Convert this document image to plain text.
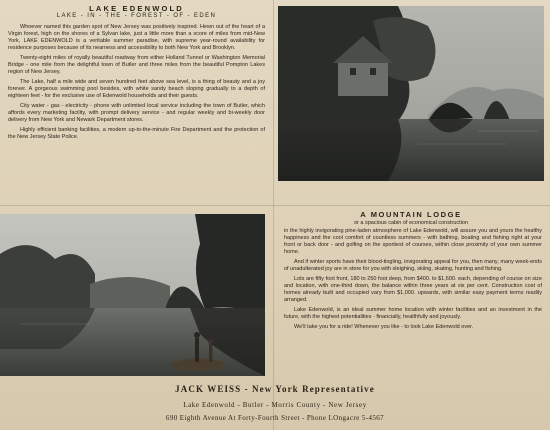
LAKE EDENWOLD
LAKE - IN - THE - FOREST - OF - EDEN

Whoever named this garden spot of New Jersey was positively inspired. Hewn out of the heart of a Virgin forest, high on the shores of a Sylvan lake, just a little more than a score of miles from mid-New York, LAKE EDENWOLD is a veritable summer paradise, with supreme year-round availability for residence purposes because of its nearness and accessibility to both New York and Brooklyn.

Twenty-eight miles of royally beautiful roadway from either Holland Tunnel or Washington Memorial Bridge - one mile from the delightful town of Butler and three miles from the beautiful Pompton Lakes region of New Jersey.

The Lake, half a mile wide and seven hundred feet above sea level, is a thing of beauty and a joy forever. A gorgeous swimming pool besides, with white sandy beach sloping gradually to a depth of eighteen feet - for the exclusive use of Edenwold households and their guests.

City water - gas - electricity - phone with unlimited local service including the town of Butler, which affords every marketing facility, with prompt delivery service - and regular weekly and bi-weekly door delivery from New York and Newark Department stores.

Highly efficient banking facilities, a modern up-to-the-minute Fire Department and the protection of the New Jersey State Police.

A MOUNTAIN LODGE
or a spacious cabin of economical construction

in the highly invigorating pine-laden atmosphere of Lake Edenwold, will assure you and yours the healthy happiness and the cool comfort of countless summers - with bathing, boating and fishing right at your front or back door - and golfing on the sportiest of courses, within close proximity of your own summer home.

And if winter sports have their blood-tingling, invigorating appeal for you, then many, many week-ends of unadulterated joy are in store for you with sleighing, skiing, skating, hunting and fishing.

Lots are fifty foot front, 180 to 250 foot deep, from $400. to $1,600. each, depending of course on size and location, with one-third down, the balance within three years at six per cent. Construction cost of homes already built and occupied vary from $1,000. upwards, with similar easy payment terms readily arranged.

Lake Edenwold, is an ideal summer home location with winter facilities and an investment in the future, with the highest potentialities - financially, healthfully and joyously.

We'll take you for a ride! Whenever you like - to look Lake Edenwold over.

JACK WEISS - New York Representative
Lake Edenwold - Butler - Morris County - New Jersey
690 Eighth Avenue At Forty-Fourth Street - Phone LOngacre 5-4567
